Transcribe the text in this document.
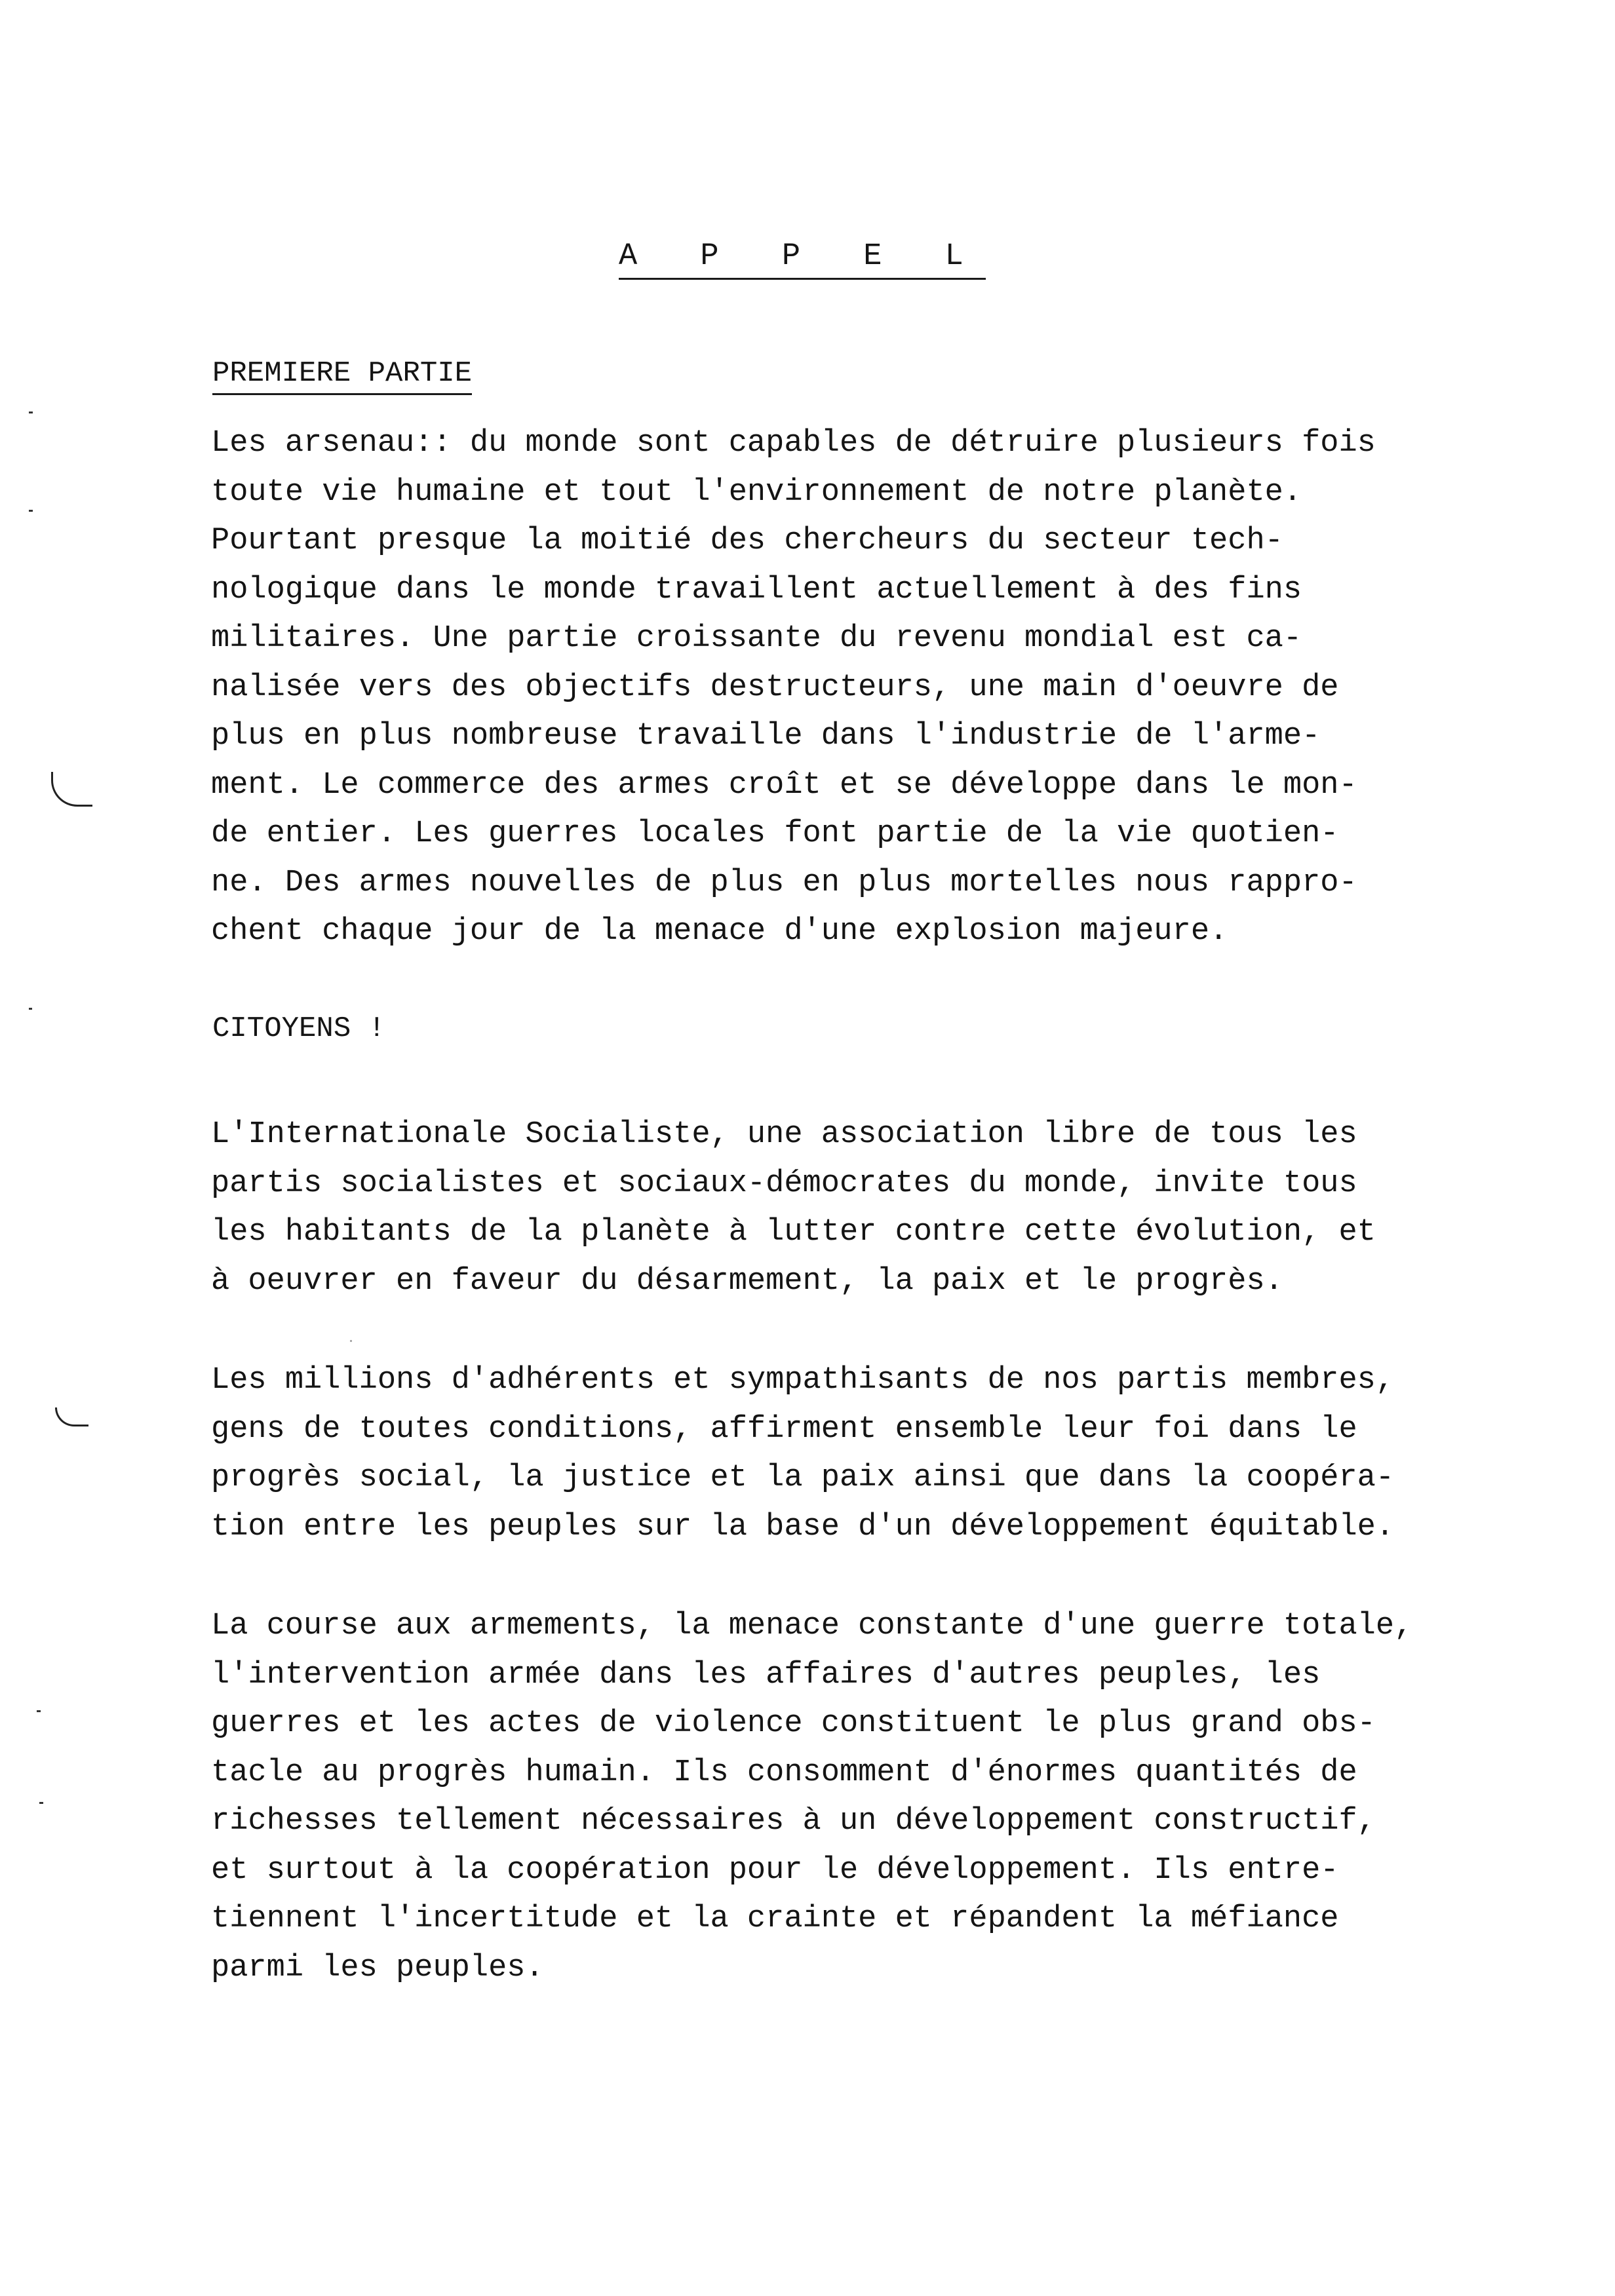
A P P E L
PREMIERE PARTIE
Les arsenau:: du monde sont capables de détruire plusieurs fois
toute vie humaine et tout l'environnement de notre planète.
Pourtant presque la moitié des chercheurs du secteur tech-
nologique dans le monde travaillent actuellement à des fins
militaires. Une partie croissante du revenu mondial est ca-
nalisée vers des objectifs destructeurs, une main d'oeuvre de
plus en plus nombreuse travaille dans l'industrie de l'arme-
ment. Le commerce des armes croît et se développe dans le mon-
de entier. Les guerres locales font partie de la vie quotien-
ne. Des armes nouvelles de plus en plus mortelles nous rappro-
chent chaque jour de la menace d'une explosion majeure.
CITOYENS !
L'Internationale Socialiste, une association libre de tous les
partis socialistes et sociaux-démocrates du monde, invite tous
les habitants de la planète à lutter contre cette évolution, et
à oeuvrer en faveur du désarmement, la paix et le progrès.
Les millions d'adhérents et sympathisants de nos partis membres,
gens de toutes conditions, affirment ensemble leur foi dans le
progrès social, la justice et la paix ainsi que dans la coopéra-
tion entre les peuples sur la base d'un développement équitable.
La course aux armements, la menace constante d'une guerre totale,
l'intervention armée dans les affaires d'autres peuples, les
guerres et les actes de violence constituent le plus grand obs-
tacle au progrès humain. Ils consomment d'énormes quantités de
richesses tellement nécessaires à un développement constructif,
et surtout à la coopération pour le développement. Ils entre-
tiennent l'incertitude et la crainte et répandent la méfiance
parmi les peuples.
